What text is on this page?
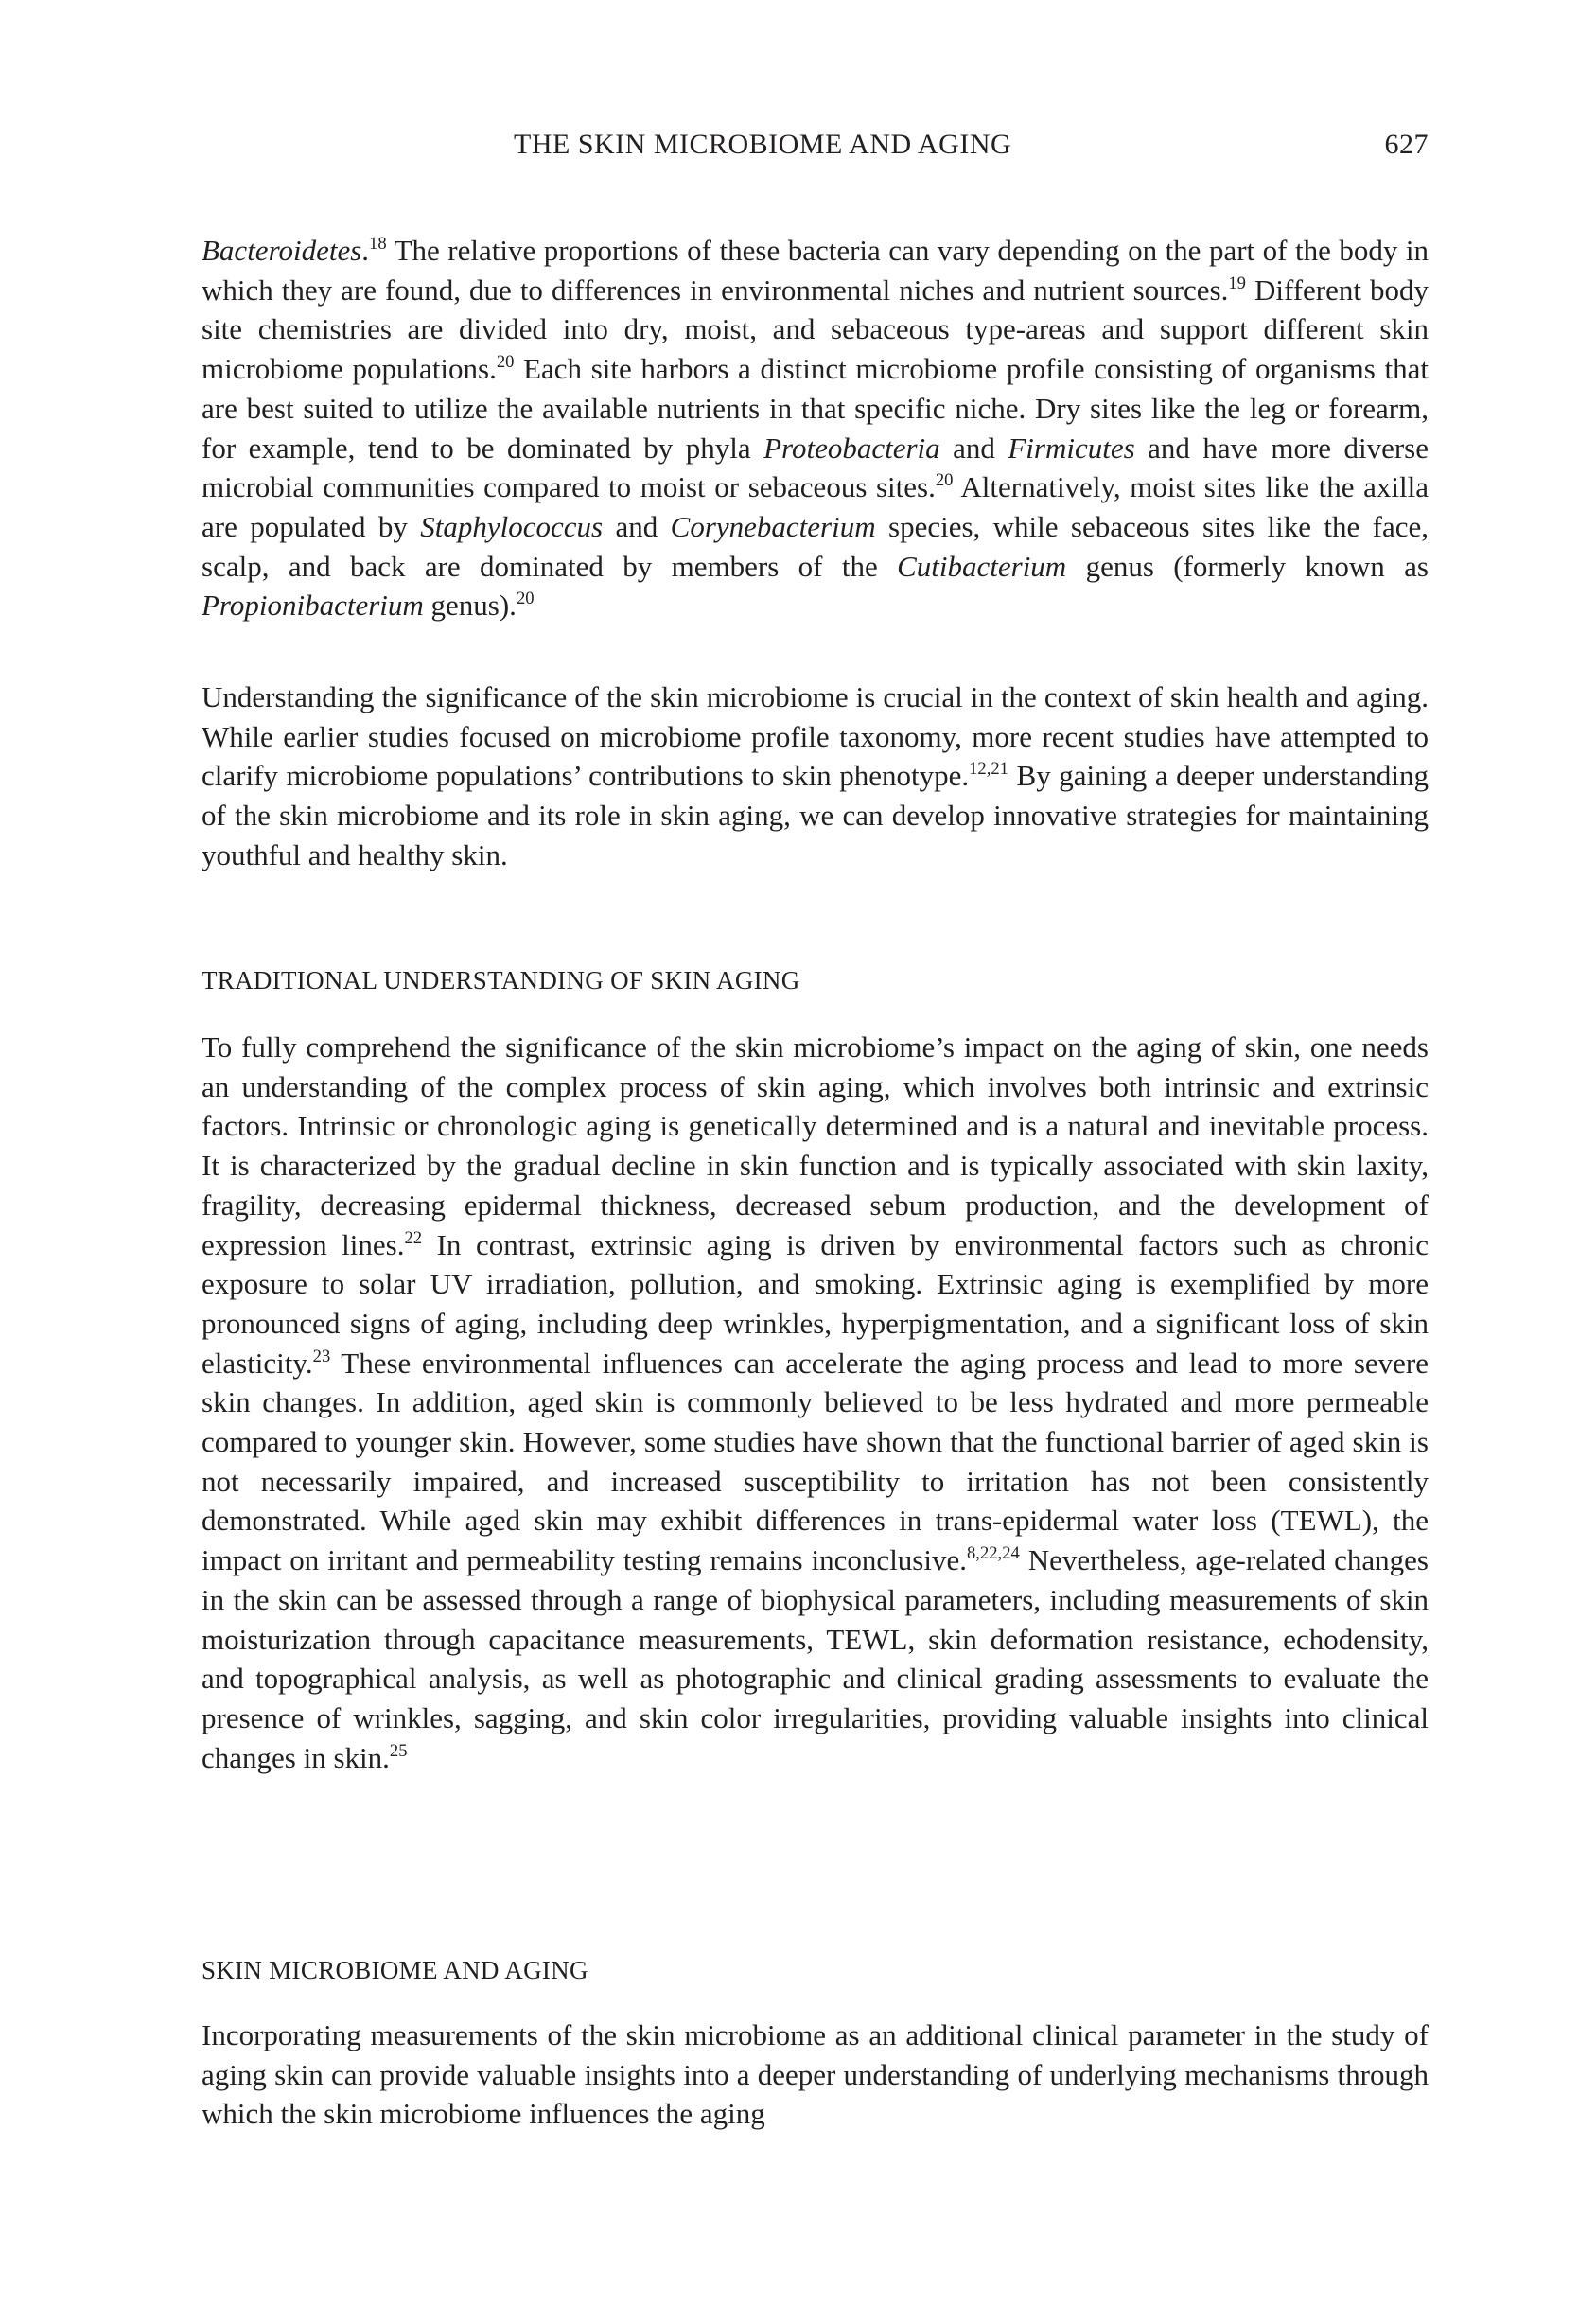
THE SKIN MICROBIOME AND AGING	627

Bacteroidetes.$^{18}$ The relative proportions of these bacteria can vary depending on the part of the body in which they are found, due to differences in environmental niches and nutrient sources.$^{19}$ Different body site chemistries are divided into dry, moist, and sebaceous type-areas and support different skin microbiome populations.$^{20}$ Each site harbors a distinct microbiome profile consisting of organisms that are best suited to utilize the available nutrients in that specific niche. Dry sites like the leg or forearm, for example, tend to be dominated by phyla Proteobacteria and Firmicutes and have more diverse microbial communities compared to moist or sebaceous sites.$^{20}$ Alternatively, moist sites like the axilla are populated by Staphylococcus and Corynebacterium species, while sebaceous sites like the face, scalp, and back are dominated by members of the Cutibacterium genus (formerly known as Propionibacterium genus).$^{20}$

Understanding the significance of the skin microbiome is crucial in the context of skin health and aging. While earlier studies focused on microbiome profile taxonomy, more recent studies have attempted to clarify microbiome populations’ contributions to skin phenotype.$^{12,21}$ By gaining a deeper understanding of the skin microbiome and its role in skin aging, we can develop innovative strategies for maintaining youthful and healthy skin.

TRADITIONAL UNDERSTANDING OF SKIN AGING

To fully comprehend the significance of the skin microbiome’s impact on the aging of skin, one needs an understanding of the complex process of skin aging, which involves both intrinsic and extrinsic factors. Intrinsic or chronologic aging is genetically determined and is a natural and inevitable process. It is characterized by the gradual decline in skin function and is typically associated with skin laxity, fragility, decreasing epidermal thickness, decreased sebum production, and the development of expression lines.$^{22}$ In contrast, extrinsic aging is driven by environmental factors such as chronic exposure to solar UV irradiation, pollution, and smoking. Extrinsic aging is exemplified by more pronounced signs of aging, including deep wrinkles, hyperpigmentation, and a significant loss of skin elasticity.$^{23}$ These environmental influences can accelerate the aging process and lead to more severe skin changes. In addition, aged skin is commonly believed to be less hydrated and more permeable compared to younger skin. However, some studies have shown that the functional barrier of aged skin is not necessarily impaired, and increased susceptibility to irritation has not been consistently demonstrated. While aged skin may exhibit differences in trans-epidermal water loss (TEWL), the impact on irritant and permeability testing remains inconclusive.$^{8,22,24}$ Nevertheless, age-related changes in the skin can be assessed through a range of biophysical parameters, including measurements of skin moisturization through capacitance measurements, TEWL, skin deformation resistance, echodensity, and topographical analysis, as well as photographic and clinical grading assessments to evaluate the presence of wrinkles, sagging, and skin color irregularities, providing valuable insights into clinical changes in skin.$^{25}$

SKIN MICROBIOME AND AGING

Incorporating measurements of the skin microbiome as an additional clinical parameter in the study of aging skin can provide valuable insights into a deeper understanding of underlying mechanisms through which the skin microbiome influences the aging
